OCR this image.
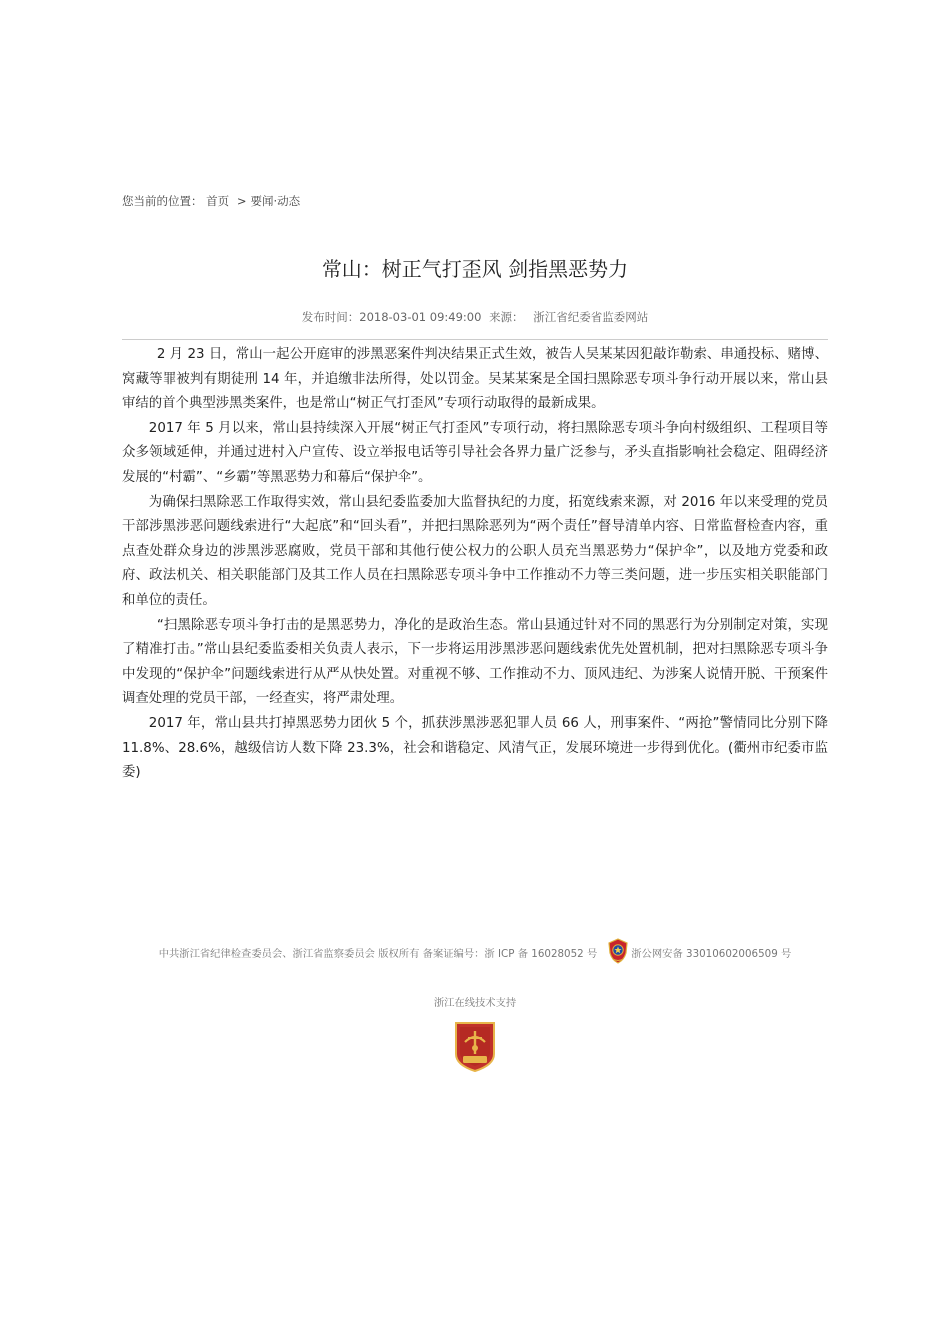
您当前的位置： 首页 > 要闻·动态
常山：树正气打歪风 剑指黑恶势力
发布时间：2018-03-01 09:49:00 来源： 浙江省纪委省监委网站

2 月 23 日，常山一起公开庭审的涉黑恶案件判决结果正式生效，被告人吴某某因犯敲诈勒索、串通投标、赌博、窝藏等罪被判有期徒刑 14 年，并追缴非法所得，处以罚金。吴某某案是全国扫黑除恶专项斗争行动开展以来，常山县审结的首个典型涉黑类案件，也是常山“树正气打歪风”专项行动取得的最新成果。

2017 年 5 月以来，常山县持续深入开展“树正气打歪风”专项行动，将扫黑除恶专项斗争向村级组织、工程项目等众多领域延伸，并通过进村入户宣传、设立举报电话等引导社会各界力量广泛参与，矛头直指影响社会稳定、阻碍经济发展的“村霸”、“乡霸”等黑恶势力和幕后“保护伞”。

为确保扫黑除恶工作取得实效，常山县纪委监委加大监督执纪的力度，拓宽线索来源，对 2016 年以来受理的党员干部涉黑涉恶问题线索进行“大起底”和“回头看”，并把扫黑除恶列为“两个责任”督导清单内容、日常监督检查内容，重点查处群众身边的涉黑涉恶腐败，党员干部和其他行使公权力的公职人员充当黑恶势力“保护伞”，以及地方党委和政府、政法机关、相关职能部门及其工作人员在扫黑除恶专项斗争中工作推动不力等三类问题，进一步压实相关职能部门和单位的责任。

“扫黑除恶专项斗争打击的是黑恶势力，净化的是政治生态。常山县通过针对不同的黑恶行为分别制定对策，实现了精准打击。”常山县纪委监委相关负责人表示，下一步将运用涉黑涉恶问题线索优先处置机制，把对扫黑除恶专项斗争中发现的“保护伞”问题线索进行从严从快处置。对重视不够、工作推动不力、顶风违纪、为涉案人说情开脱、干预案件调查处理的党员干部，一经查实，将严肃处理。

2017 年，常山县共打掉黑恶势力团伙 5 个，抓获涉黑涉恶犯罪人员 66 人，刑事案件、“两抢”警情同比分别下降 11.8%、28.6%，越级信访人数下降 23.3%，社会和谐稳定、风清气正，发展环境进一步得到优化。(衢州市纪委市监委)

中共浙江省纪律检查委员会、浙江省监察委员会 版权所有 备案证编号：浙 ICP 备 16028052 号	浙公网安备 33010602006509 号
浙江在线技术支持
